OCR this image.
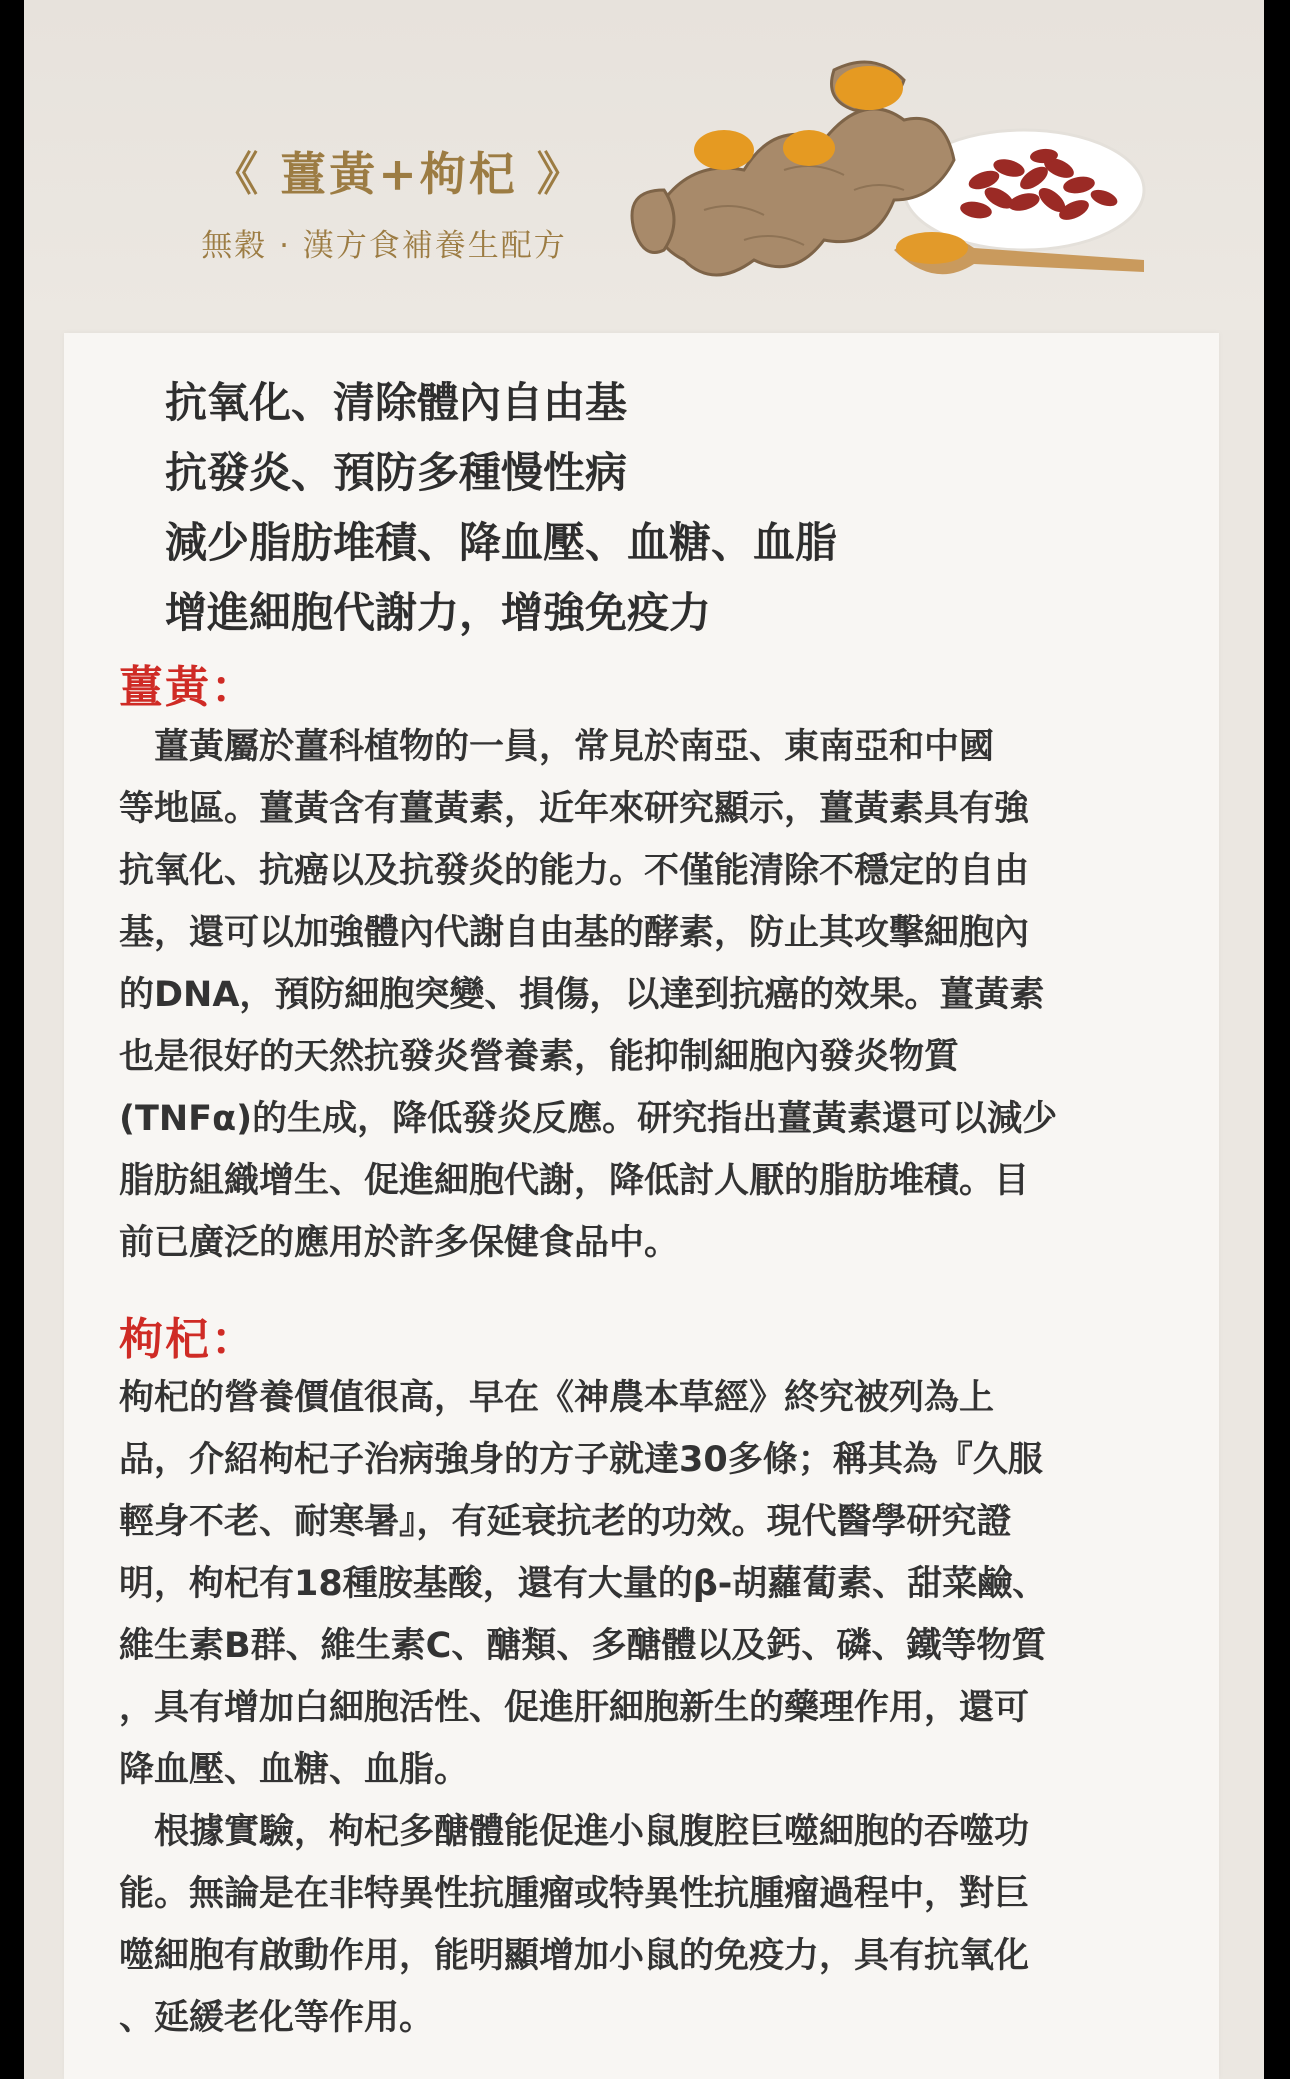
《 薑黃+枸杞 》
無穀 · 漢方食補養生配方
抗氧化、清除體內自由基
抗發炎、預防多種慢性病
減少脂肪堆積、降血壓、血糖、血脂
增進細胞代謝力，增強免疫力
薑黃：
　薑黃屬於薑科植物的一員，常見於南亞、東南亞和中國
等地區。薑黃含有薑黃素，近年來研究顯示，薑黃素具有強
抗氧化、抗癌以及抗發炎的能力。不僅能清除不穩定的自由
基，還可以加強體內代謝自由基的酵素，防止其攻擊細胞內
的DNA，預防細胞突變、損傷，以達到抗癌的效果。薑黃素
也是很好的天然抗發炎營養素，能抑制細胞內發炎物質
(TNFα)的生成，降低發炎反應。研究指出薑黃素還可以減少
脂肪組織增生、促進細胞代謝，降低討人厭的脂肪堆積。目
前已廣泛的應用於許多保健食品中。
枸杞：
枸杞的營養價值很高，早在《神農本草經》終究被列為上
品，介紹枸杞子治病強身的方子就達30多條；稱其為『久服
輕身不老、耐寒暑』，有延衰抗老的功效。現代醫學研究證
明，枸杞有18種胺基酸，還有大量的β-胡蘿蔔素、甜菜鹼、
維生素B群、維生素C、醣類、多醣體以及鈣、磷、鐵等物質
，具有增加白細胞活性、促進肝細胞新生的藥理作用，還可
降血壓、血糖、血脂。
　根據實驗，枸杞多醣體能促進小鼠腹腔巨噬細胞的吞噬功
能。無論是在非特異性抗腫瘤或特異性抗腫瘤過程中，對巨
噬細胞有啟動作用，能明顯增加小鼠的免疫力，具有抗氧化
、延緩老化等作用。
